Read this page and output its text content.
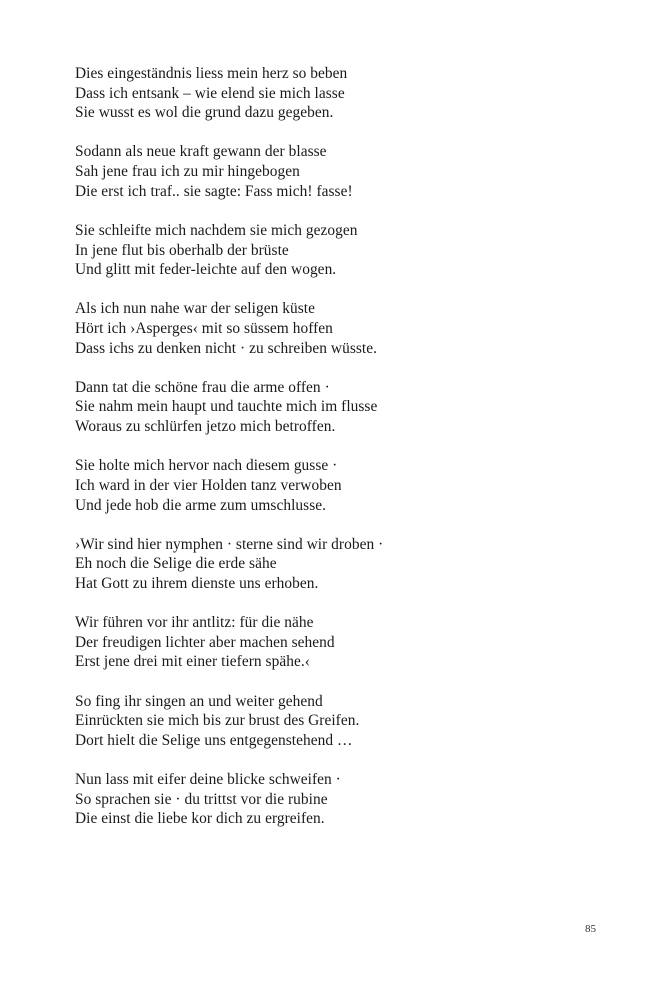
Dies eingeständnis liess mein herz so beben
Dass ich entsank – wie elend sie mich lasse
Sie wusst es wol die grund dazu gegeben.
Sodann als neue kraft gewann der blasse
Sah jene frau ich zu mir hingebogen
Die erst ich traf.. sie sagte: Fass mich! fasse!
Sie schleifte mich nachdem sie mich gezogen
In jene flut bis oberhalb der brüste
Und glitt mit feder-leichte auf den wogen.
Als ich nun nahe war der seligen küste
Hört ich ›Asperges‹ mit so süssem hoffen
Dass ichs zu denken nicht · zu schreiben wüsste.
Dann tat die schöne frau die arme offen ·
Sie nahm mein haupt und tauchte mich im flusse
Woraus zu schlürfen jetzo mich betroffen.
Sie holte mich hervor nach diesem gusse ·
Ich ward in der vier Holden tanz verwoben
Und jede hob die arme zum umschlusse.
›Wir sind hier nymphen · sterne sind wir droben ·
Eh noch die Selige die erde sähe
Hat Gott zu ihrem dienste uns erhoben.
Wir führen vor ihr antlitz: für die nähe
Der freudigen lichter aber machen sehend
Erst jene drei mit einer tiefern spähe.‹
So fing ihr singen an und weiter gehend
Einrückten sie mich bis zur brust des Greifen.
Dort hielt die Selige uns entgegenstehend …
Nun lass mit eifer deine blicke schweifen ·
So sprachen sie · du trittst vor die rubine
Die einst die liebe kor dich zu ergreifen.
85
